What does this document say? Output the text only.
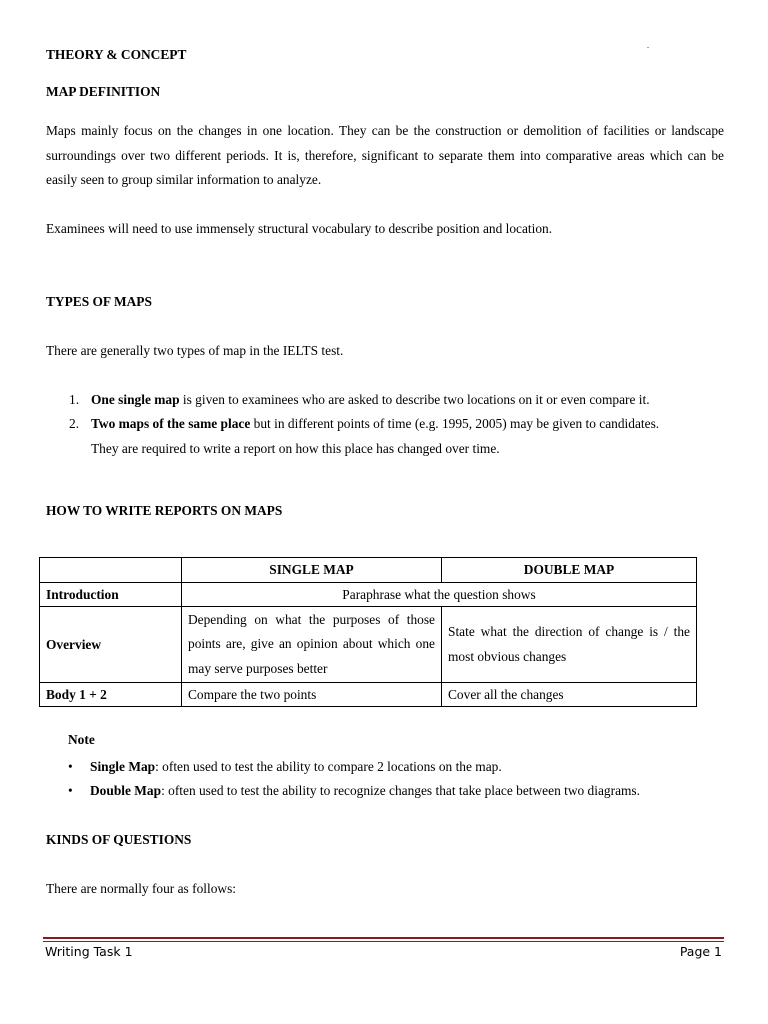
.
THEORY & CONCEPT
MAP DEFINITION
Maps mainly focus on the changes in one location. They can be the construction or demolition of facilities or landscape
surroundings over two different periods. It is, therefore, significant to separate them into comparative areas which can be
easily seen to group similar information to analyze.
Examinees will need to use immensely structural vocabulary to describe position and location.
TYPES OF MAPS
There are generally two types of map in the IELTS test.
1. One single map is given to examinees who are asked to describe two locations on it or even compare it.
2. Two maps of the same place but in different points of time (e.g. 1995, 2005) may be given to candidates.
They are required to write a report on how this place has changed over time.
HOW TO WRITE REPORTS ON MAPS
	SINGLE MAP	DOUBLE MAP
Introduction	Paraphrase what the question shows	
Overview	Depending on what the purposes of those points are, give an opinion about which one may serve purposes better	State what the direction of change is / the most obvious changes
Body 1 + 2	Compare the two points	Cover all the changes
Note
• Single Map: often used to test the ability to compare 2 locations on the map.
• Double Map: often used to test the ability to recognize changes that take place between two diagrams.
KINDS OF QUESTIONS
There are normally four as follows:
Writing Task 1	Page 1
